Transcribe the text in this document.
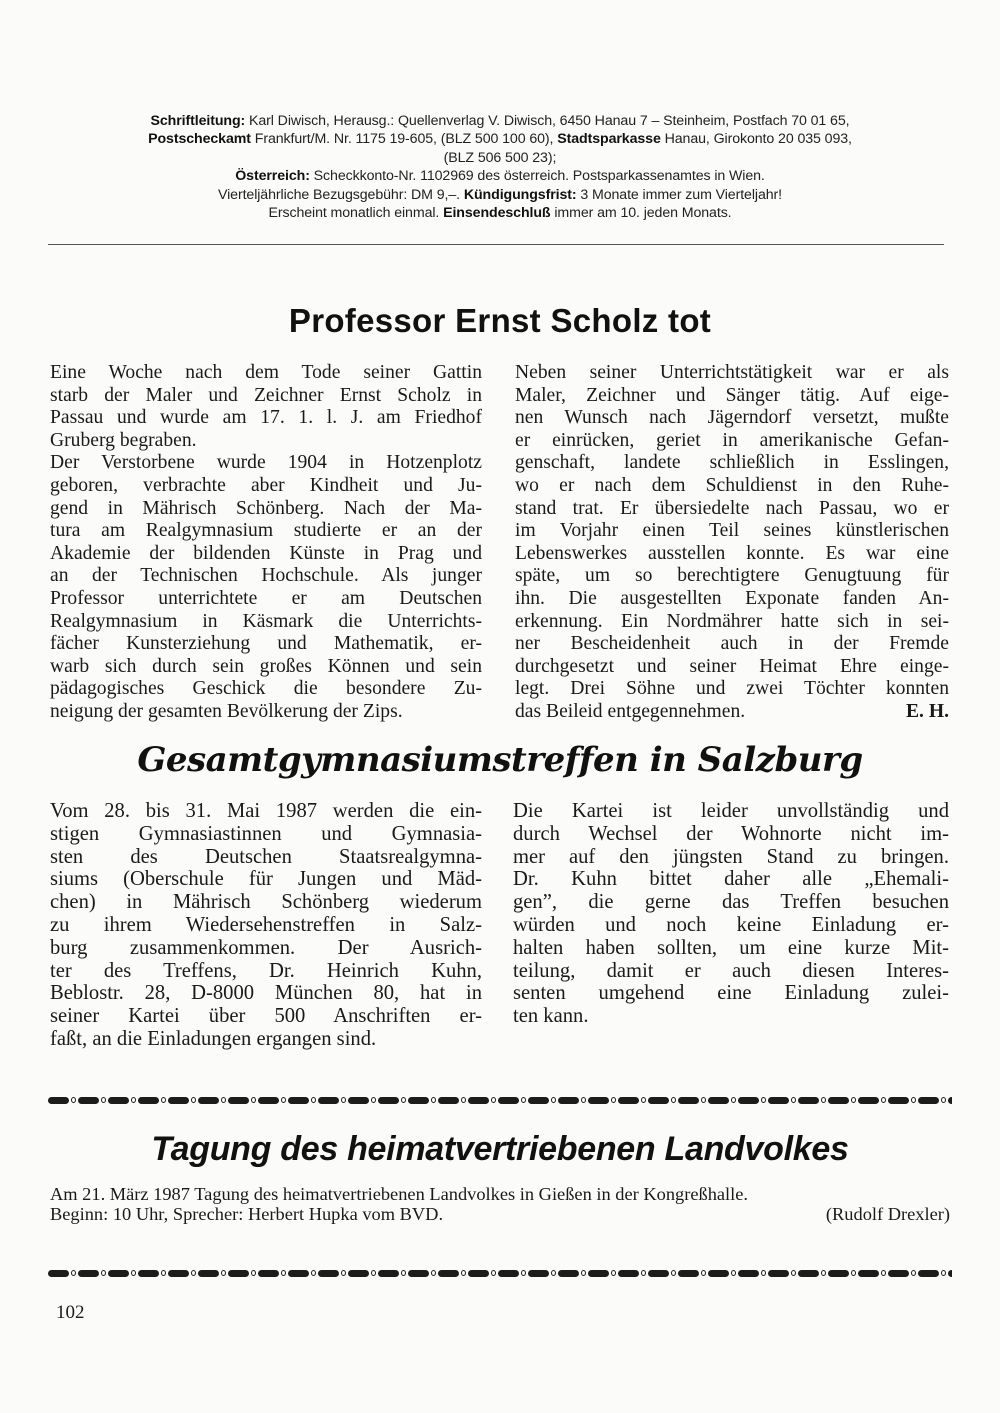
Schriftleitung: Karl Diwisch, Herausg.: Quellenverlag V. Diwisch, 6450 Hanau 7 – Steinheim, Postfach 70 01 65,
Postscheckamt Frankfurt/M. Nr. 1175 19-605, (BLZ 500 100 60), Stadtsparkasse Hanau, Girokonto 20 035 093,
(BLZ 506 500 23);
Österreich: Scheckkonto-Nr. 1102969 des österreich. Postsparkassenamtes in Wien.
Vierteljährliche Bezugsgebühr: DM 9,–. Kündigungsfrist: 3 Monate immer zum Vierteljahr!
Erscheint monatlich einmal. Einsendeschluß immer am 10. jeden Monats.
Professor Ernst Scholz tot
Eine Woche nach dem Tode seiner Gattin
starb der Maler und Zeichner Ernst Scholz in
Passau und wurde am 17. 1. l. J. am Friedhof
Gruberg begraben.
Der Verstorbene wurde 1904 in Hotzenplotz
geboren, verbrachte aber Kindheit und Ju-
gend in Mährisch Schönberg. Nach der Ma-
tura am Realgymnasium studierte er an der
Akademie der bildenden Künste in Prag und
an der Technischen Hochschule. Als junger
Professor unterrichtete er am Deutschen
Realgymnasium in Käsmark die Unterrichts-
fächer Kunsterziehung und Mathematik, er-
warb sich durch sein großes Können und sein
pädagogisches Geschick die besondere Zu-
neigung der gesamten Bevölkerung der Zips.
Neben seiner Unterrichtstätigkeit war er als
Maler, Zeichner und Sänger tätig. Auf eige-
nen Wunsch nach Jägerndorf versetzt, mußte
er einrücken, geriet in amerikanische Gefan-
genschaft, landete schließlich in Esslingen,
wo er nach dem Schuldienst in den Ruhe-
stand trat. Er übersiedelte nach Passau, wo er
im Vorjahr einen Teil seines künstlerischen
Lebenswerkes ausstellen konnte. Es war eine
späte, um so berechtigtere Genugtuung für
ihn. Die ausgestellten Exponate fanden An-
erkennung. Ein Nordmährer hatte sich in sei-
ner Bescheidenheit auch in der Fremde
durchgesetzt und seiner Heimat Ehre einge-
legt. Drei Söhne und zwei Töchter konnten
das Beileid entgegennehmen.	E. H.
Gesamtgymnasiumstreffen in Salzburg
Vom 28. bis 31. Mai 1987 werden die ein-
stigen Gymnasiastinnen und Gymnasia-
sten des Deutschen Staatsrealgymna-
siums (Oberschule für Jungen und Mäd-
chen) in Mährisch Schönberg wiederum
zu ihrem Wiedersehenstreffen in Salz-
burg zusammenkommen. Der Ausrich-
ter des Treffens, Dr. Heinrich Kuhn,
Beblostr. 28, D-8000 München 80, hat in
seiner Kartei über 500 Anschriften er-
faßt, an die Einladungen ergangen sind.
Die Kartei ist leider unvollständig und
durch Wechsel der Wohnorte nicht im-
mer auf den jüngsten Stand zu bringen.
Dr. Kuhn bittet daher alle „Ehemali-
gen”, die gerne das Treffen besuchen
würden und noch keine Einladung er-
halten haben sollten, um eine kurze Mit-
teilung, damit er auch diesen Interes-
senten umgehend eine Einladung zulei-
ten kann.
Tagung des heimatvertriebenen Landvolkes
Am 21. März 1987 Tagung des heimatvertriebenen Landvolkes in Gießen in der Kongreßhalle.
Beginn: 10 Uhr, Sprecher: Herbert Hupka vom BVD.	(Rudolf Drexler)
102
